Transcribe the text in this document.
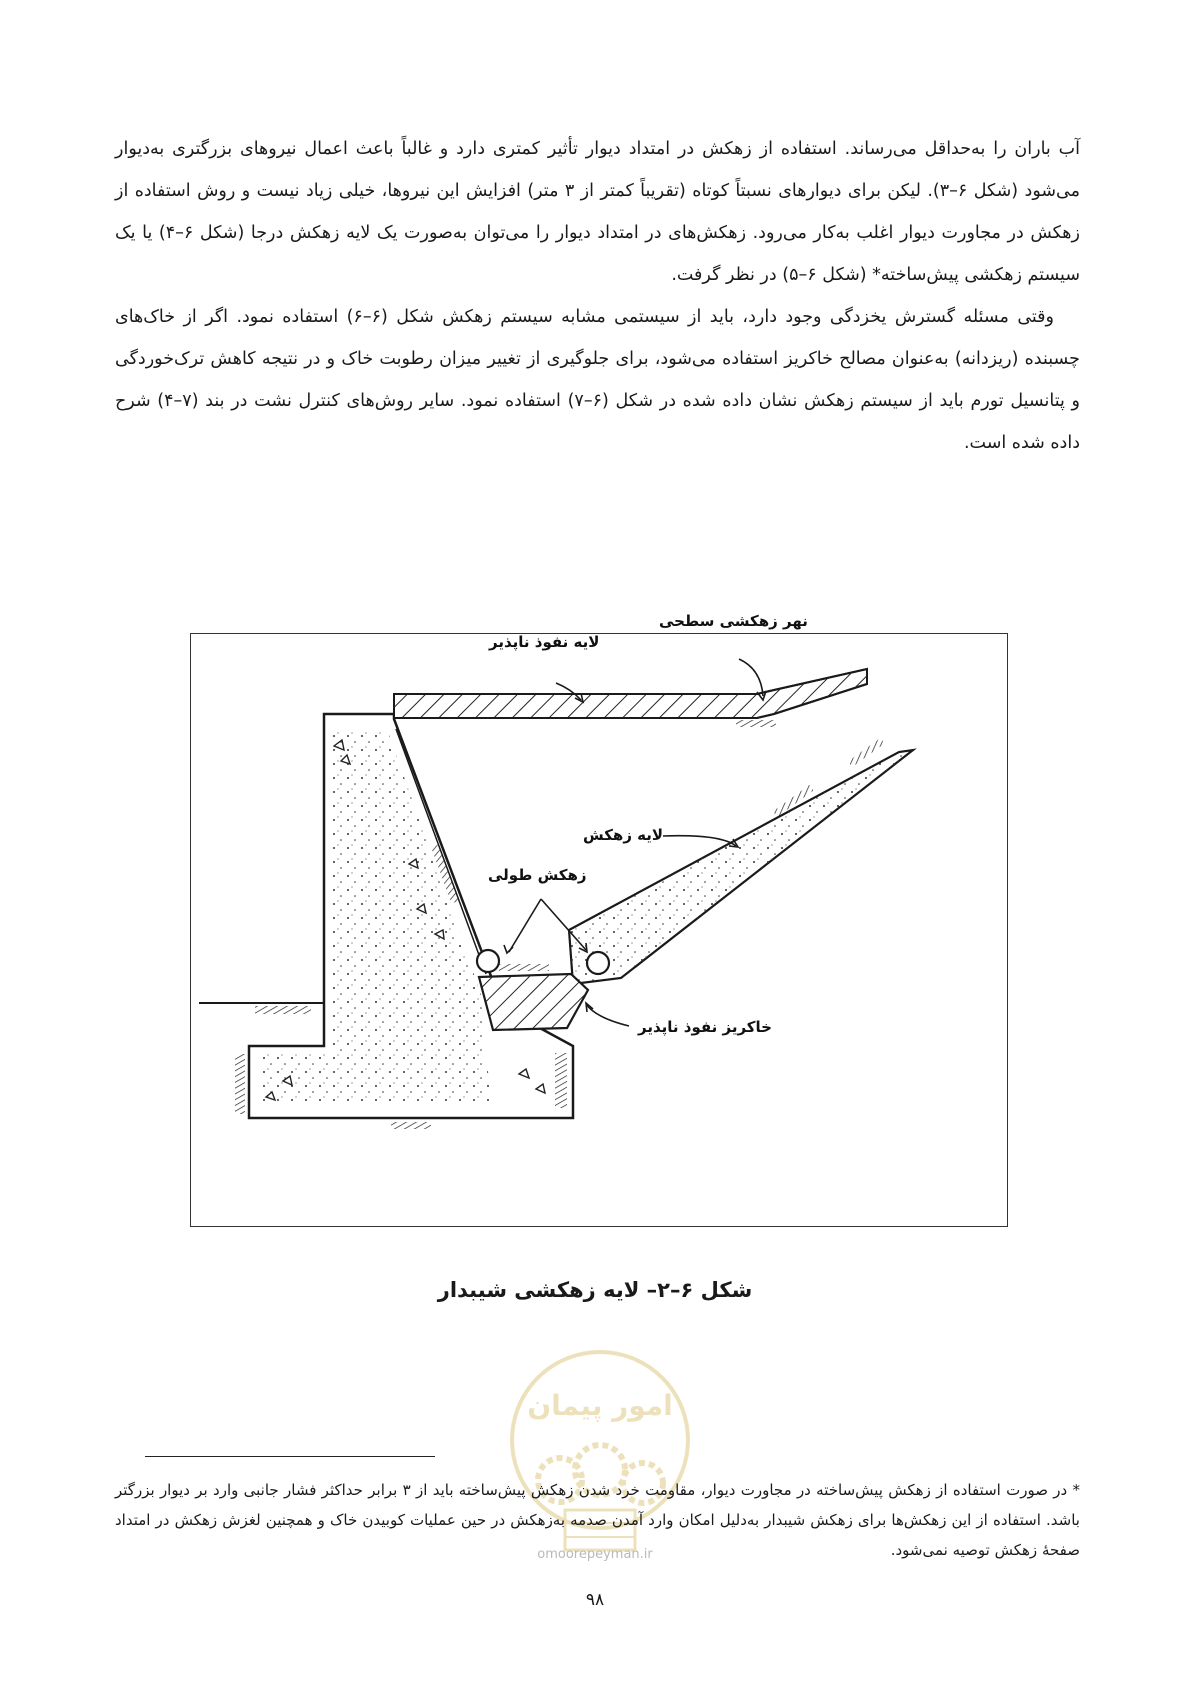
آب باران را به‌حداقل می‌رساند. استفاده از زهکش در امتداد دیوار تأثیر کمتری دارد و غالباً باعث اعمال نیروهای بزرگتری به‌دیوار می‌شود (شکل ۶–۳). لیکن برای دیوارهای نسبتاً کوتاه (تقریباً کمتر از ۳ متر) افزایش این نیروها، خیلی زیاد نیست و روش استفاده از زهکش در مجاورت دیوار اغلب به‌کار می‌رود. زهکش‌های در امتداد دیوار را می‌توان به‌صورت یک لایه زهکش درجا (شکل ۶–۴) یا یک سیستم زهکشی پیش‌ساخته* (شکل ۶–۵) در نظر گرفت.

وقتی مسئله گسترش یخزدگی وجود دارد، باید از سیستمی مشابه سیستم زهکش شکل (۶–۶) استفاده نمود. اگر از خاک‌های چسبنده (ریزدانه) به‌عنوان مصالح خاکریز استفاده می‌شود، برای جلوگیری از تغییر میزان رطوبت خاک و در نتیجه کاهش ترک‌خوردگی و پتانسیل تورم باید از سیستم زهکش نشان داده شده در شکل (۶–۷) استفاده نمود. سایر روش‌های کنترل نشت در بند (۷–۴) شرح داده شده است.

نهر زهکشی سطحی
لایه نفوذ ناپذیر
لایه زهکش
زهکش طولی
خاکریز نفوذ ناپذیر
شکل ۶–۲– لایه زهکشی شیبدار
امور پیمان
omoorepeyman.ir

* در صورت استفاده از زهکش پیش‌ساخته در مجاورت دیوار، مقاومت خرد شدن زهکش پیش‌ساخته باید از ۳ برابر حداکثر فشار جانبی وارد بر دیوار بزرگتر باشد. استفاده از این زهکش‌ها برای زهکش شیبدار به‌دلیل امکان وارد آمدن صدمه به‌زهکش در حین عملیات کوبیدن خاک و همچنین لغزش زهکش در امتداد صفحهٔ زهکش توصیه نمی‌شود.

۹۸
